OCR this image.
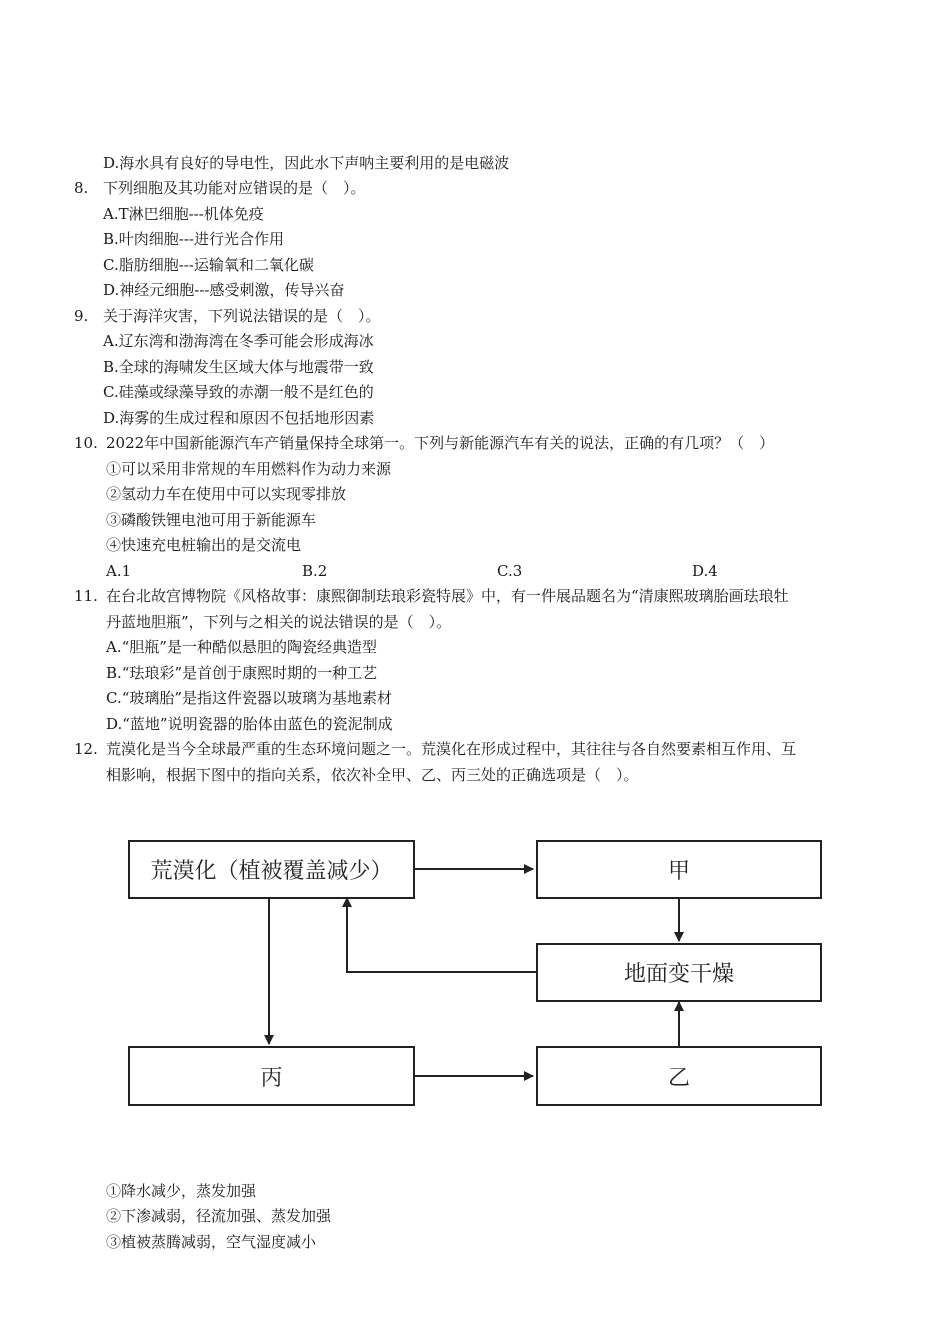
D.海水具有良好的导电性，因此水下声呐主要利用的是电磁波
8. 下列细胞及其功能对应错误的是（　）。
A.T淋巴细胞---机体免疫
B.叶肉细胞---进行光合作用
C.脂肪细胞---运输氧和二氧化碳
D.神经元细胞---感受刺激，传导兴奋
9. 关于海洋灾害，下列说法错误的是（　）。
A.辽东湾和渤海湾在冬季可能会形成海冰
B.全球的海啸发生区域大体与地震带一致
C.硅藻或绿藻导致的赤潮一般不是红色的
D.海雾的生成过程和原因不包括地形因素
10. 2022年中国新能源汽车产销量保持全球第一。下列与新能源汽车有关的说法，正确的有几项？（　）
①可以采用非常规的车用燃料作为动力来源
②氢动力车在使用中可以实现零排放
③磷酸铁锂电池可用于新能源车
④快速充电桩输出的是交流电
A.1	B.2	C.3	D.4
11. 在台北故宫博物院《风格故事：康熙御制珐琅彩瓷特展》中，有一件展品题名为“清康熙玻璃胎画珐琅牡
丹蓝地胆瓶”，下列与之相关的说法错误的是（　）。
A.“胆瓶”是一种酷似悬胆的陶瓷经典造型
B.“珐琅彩”是首创于康熙时期的一种工艺
C.“玻璃胎”是指这件瓷器以玻璃为基地素材
D.“蓝地”说明瓷器的胎体由蓝色的瓷泥制成
12. 荒漠化是当今全球最严重的生态环境问题之一。荒漠化在形成过程中，其往往与各自然要素相互作用、互
相影响，根据下图中的指向关系，依次补全甲、乙、丙三处的正确选项是（　）。
荒漠化（植被覆盖减少）	甲
地面变干燥
丙	乙
①降水减少，蒸发加强
②下渗减弱，径流加强、蒸发加强
③植被蒸腾减弱，空气湿度减小
